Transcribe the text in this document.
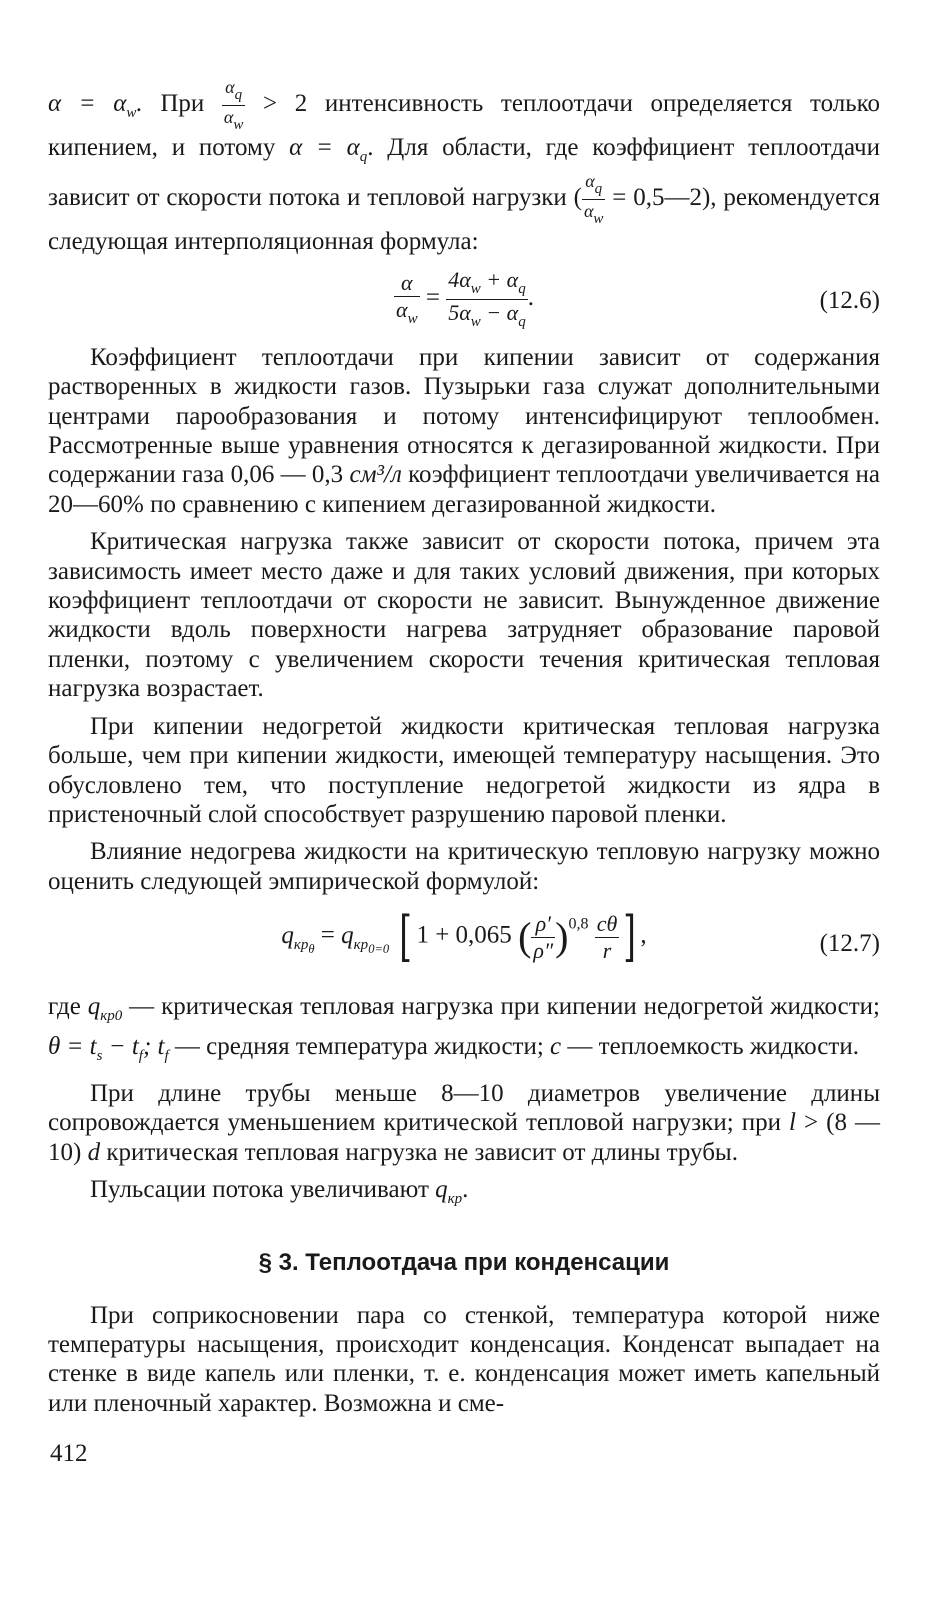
$\alpha = \alpha_w$. При $\frac{\alpha_q}{\alpha_w} > 2$ интенсивность теплоотдачи определяется только кипением, и потому $\alpha = \alpha_q$. Для области, где коэффициент теплоотдачи зависит от скорости потока и тепловой нагрузки ( $\frac{\alpha_q}{\alpha_w}$ = 0,5—2), рекомендуется следующая интерполяционная формула:

$\frac{\alpha}{\alpha_w} = \frac{4\alpha_w + \alpha_q}{5\alpha_w - \alpha_q}$ .	(12.6)

Коэффициент теплоотдачи при кипении зависит от содержания растворенных в жидкости газов. Пузырьки газа служат дополнительными центрами парообразования и потому интенсифицируют теплообмен. Рассмотренные выше уравнения относятся к дегазированной жидкости. При содержании газа 0,06 — 0,3 см³/л коэффициент теплоотдачи увеличивается на 20—60% по сравнению с кипением дегазированной жидкости.

Критическая нагрузка также зависит от скорости потока, причем эта зависимость имеет место даже и для таких условий движения, при которых коэффициент теплоотдачи от скорости не зависит. Вынужденное движение жидкости вдоль поверхности нагрева затрудняет образование паровой пленки, поэтому с увеличением скорости течения критическая тепловая нагрузка возрастает.

При кипении недогретой жидкости критическая тепловая нагрузка больше, чем при кипении жидкости, имеющей температуру насыщения. Это обусловлено тем, что поступление недогретой жидкости из ядра в пристеночный слой способствует разрушению паровой пленки.

Влияние недогрева жидкости на критическую тепловую нагрузку можно оценить следующей эмпирической формулой:

$q_{кр_\theta} = q_{кр_{0=0}}$ [ 1 + 0,065 ( $\frac{\rho'}{\rho''} )^{0,8} \frac{c\theta}{r}$ ] ,	(12.7)

где $q_{кр0}$ — критическая тепловая нагрузка при кипении недогретой жидкости; $\theta = t_s - t_f$; $t_f$ — средняя температура жидкости; c — теплоемкость жидкости.

При длине трубы меньше 8—10 диаметров увеличение длины сопровождается уменьшением критической тепловой нагрузки; при l > (8 — 10) d критическая тепловая нагрузка не зависит от длины трубы.

Пульсации потока увеличивают $q_{кр}$.

§ 3. Теплоотдача при конденсации

При соприкосновении пара со стенкой, температура которой ниже температуры насыщения, происходит конденсация. Конденсат выпадает на стенке в виде капель или пленки, т. е. конденсация может иметь капельный или пленочный характер. Возможна и сме-

412
